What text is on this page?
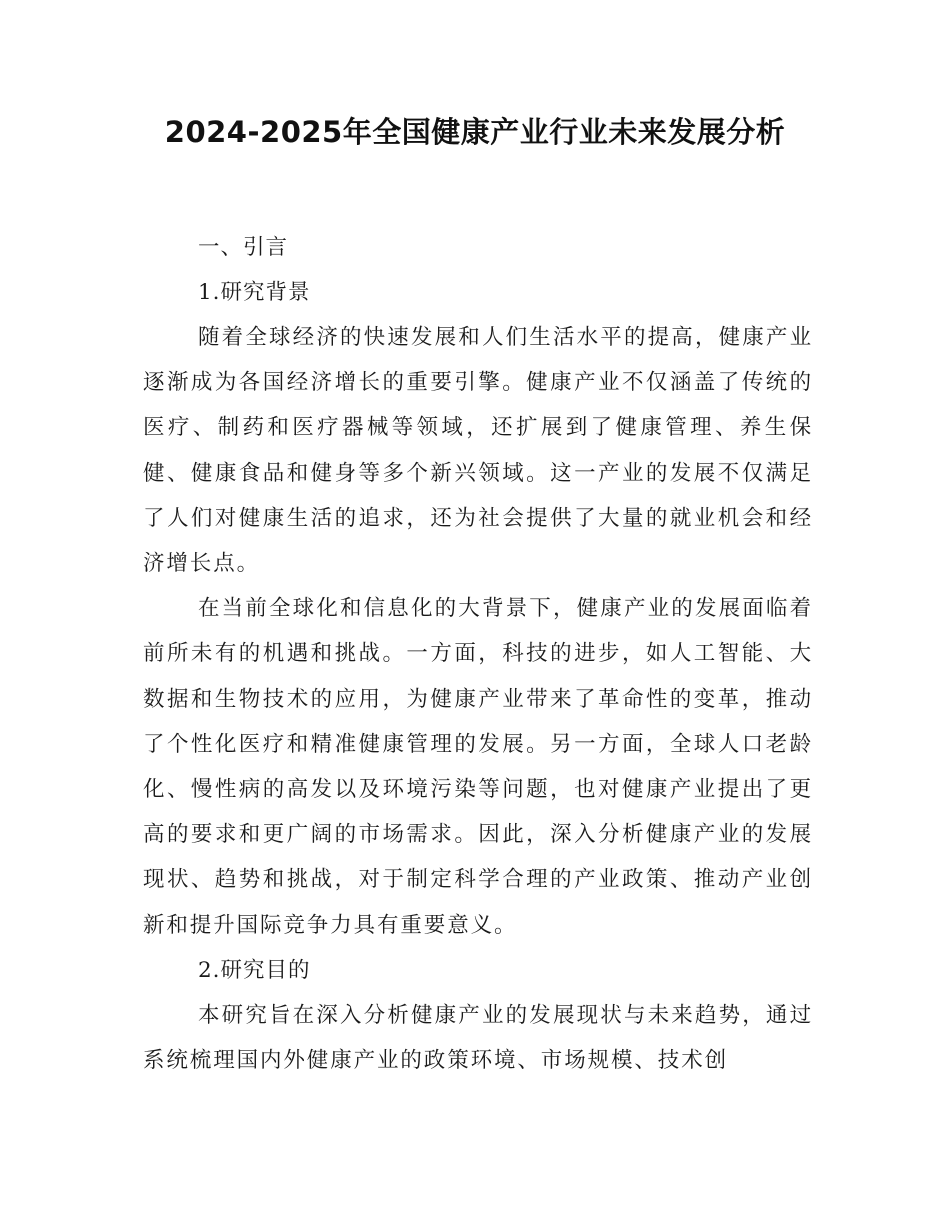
2024-2025年全国健康产业行业未来发展分析
一、引言
1.研究背景

随着全球经济的快速发展和人们生活水平的提高，健康产业逐渐成为各国经济增长的重要引擎。健康产业不仅涵盖了传统的医疗、制药和医疗器械等领域，还扩展到了健康管理、养生保健、健康食品和健身等多个新兴领域。这一产业的发展不仅满足了人们对健康生活的追求，还为社会提供了大量的就业机会和经济增长点。

在当前全球化和信息化的大背景下，健康产业的发展面临着前所未有的机遇和挑战。一方面，科技的进步，如人工智能、大数据和生物技术的应用，为健康产业带来了革命性的变革，推动了个性化医疗和精准健康管理的发展。另一方面，全球人口老龄化、慢性病的高发以及环境污染等问题，也对健康产业提出了更高的要求和更广阔的市场需求。因此，深入分析健康产业的发展现状、趋势和挑战，对于制定科学合理的产业政策、推动产业创新和提升国际竞争力具有重要意义。

2.研究目的

本研究旨在深入分析健康产业的发展现状与未来趋势，通过系统梳理国内外健康产业的政策环境、市场规模、技术创
